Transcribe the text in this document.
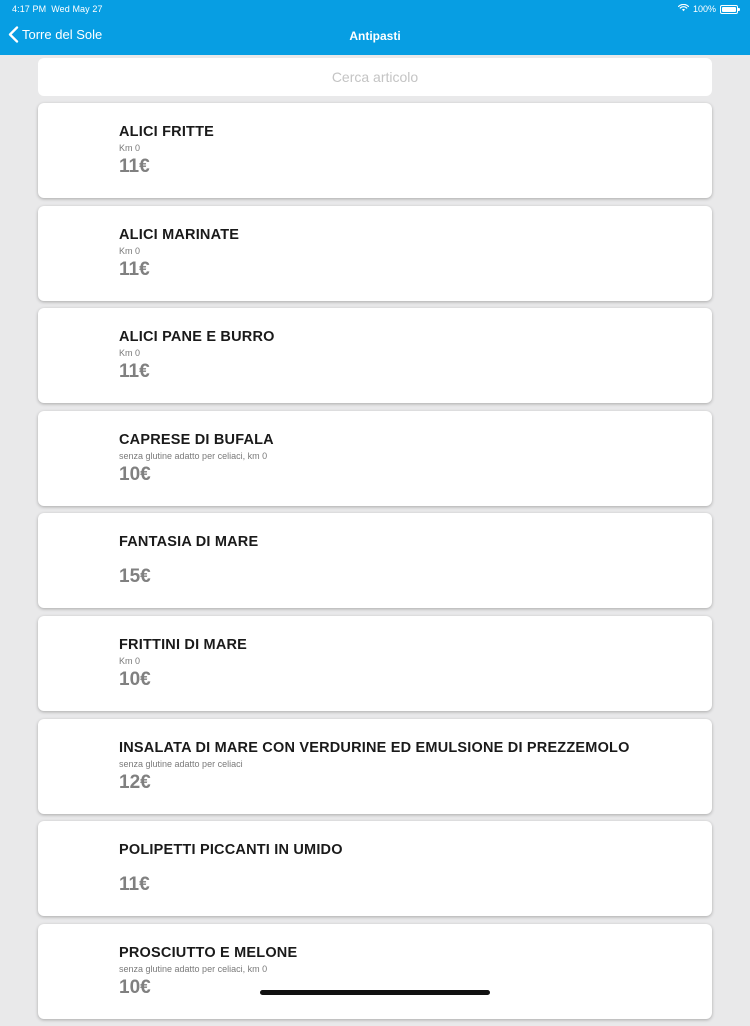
4:17 PM Wed May 27	100%
Torre del Sole	Antipasti
Cerca articolo
ALICI FRITTE
Km 0
11€
ALICI MARINATE
Km 0
11€
ALICI PANE E BURRO
Km 0
11€
CAPRESE DI BUFALA
senza glutine adatto per celiaci, km 0
10€
FANTASIA DI MARE
15€
FRITTINI DI MARE
Km 0
10€
INSALATA DI MARE CON VERDURINE ED EMULSIONE DI PREZZEMOLO
senza glutine adatto per celiaci
12€
POLIPETTI PICCANTI IN UMIDO
11€
PROSCIUTTO E MELONE
senza glutine adatto per celiaci, km 0
10€
